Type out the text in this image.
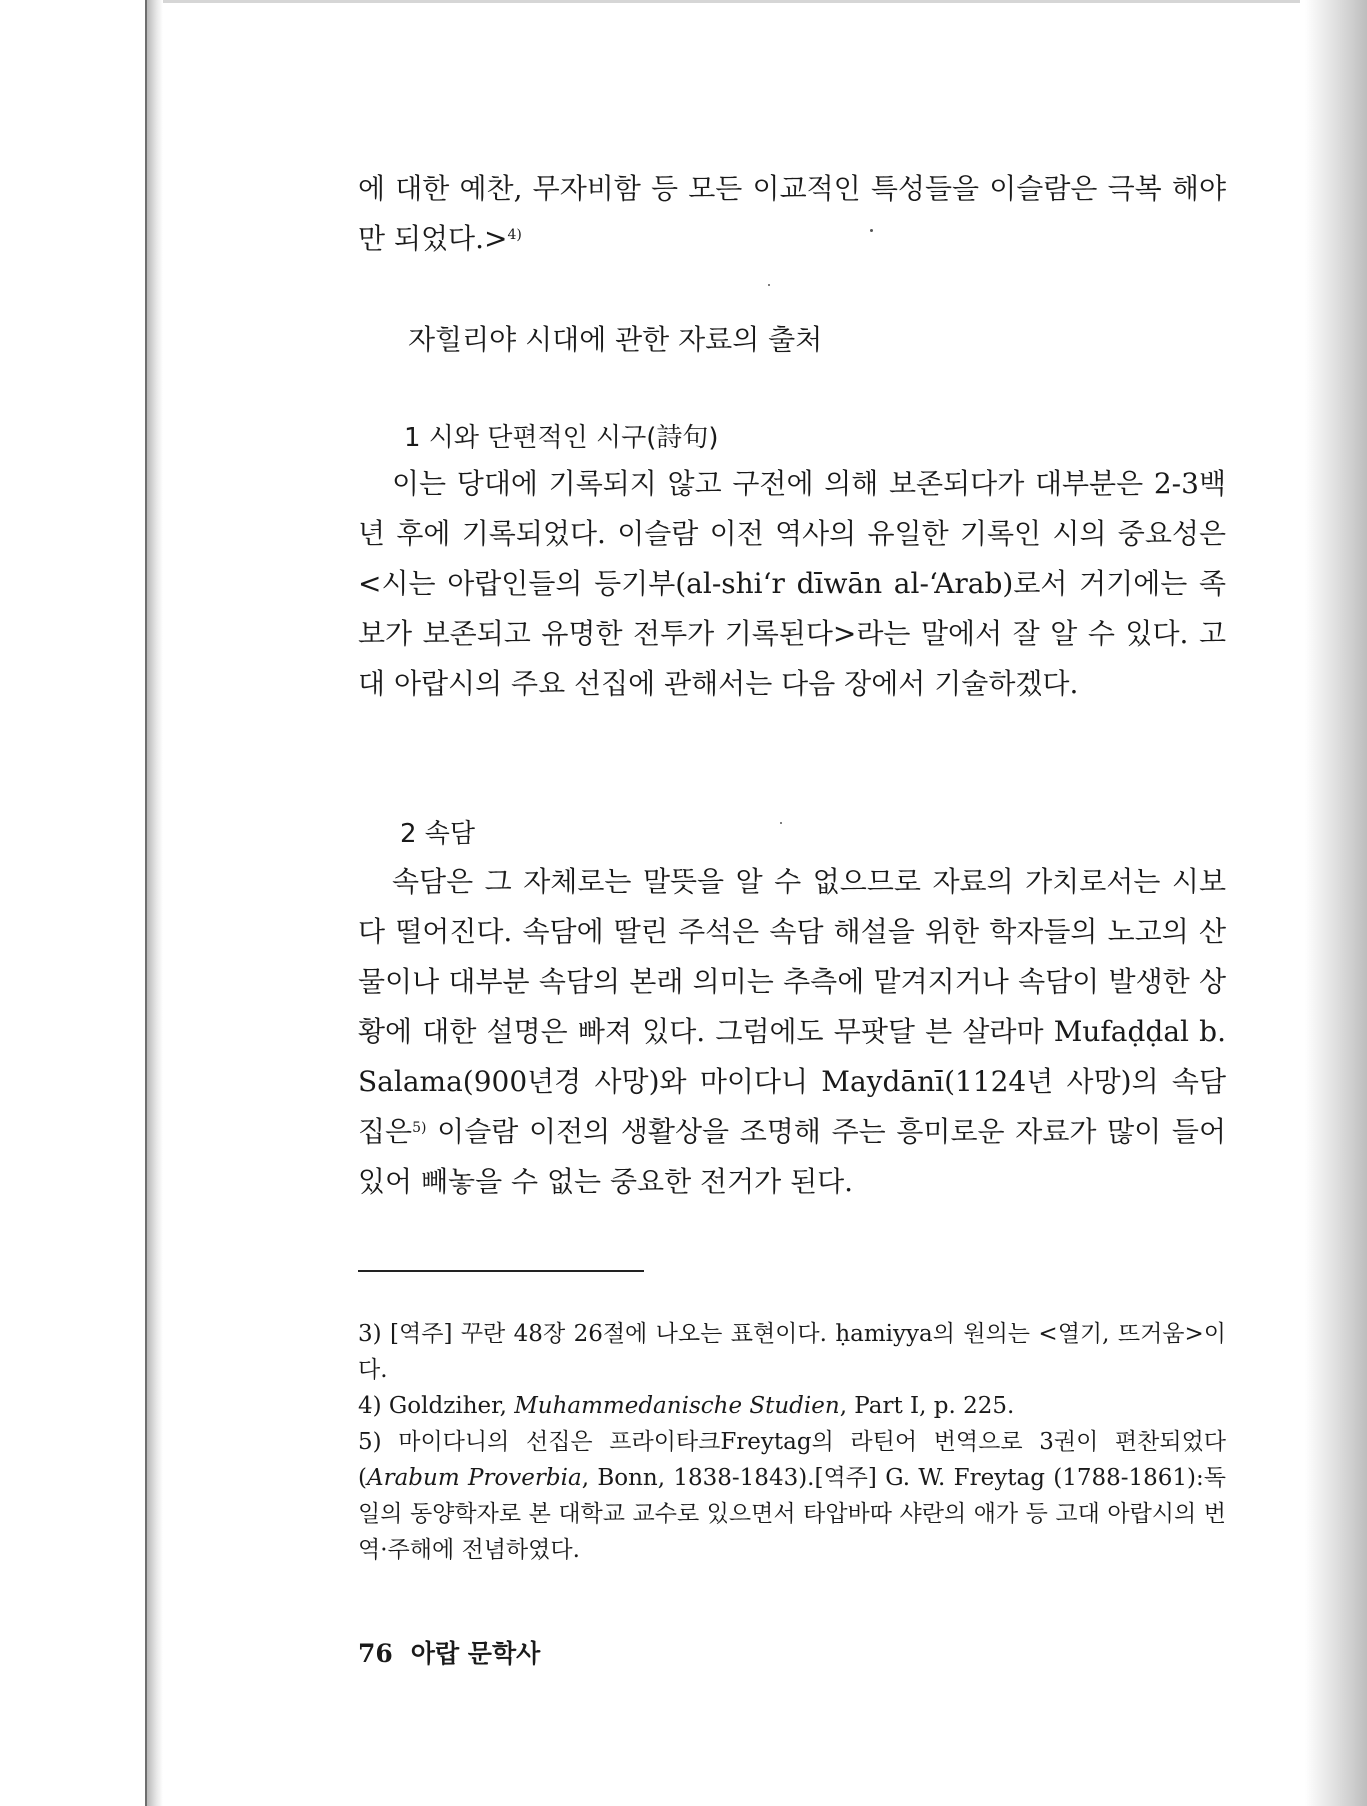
에 대한 예찬, 무자비함 등 모든 이교적인 특성들을 이슬람은 극복 해야만 되었다.>$^{4)}$
자힐리야 시대에 관한 자료의 출처
1 시와 단편적인 시구(詩句)
이는 당대에 기록되지 않고 구전에 의해 보존되다가 대부분은 2-3백년 후에 기록되었다. 이슬람 이전 역사의 유일한 기록인 시의 중요성은 <시는 아랍인들의 등기부(al-shi‘r dīwān al-‘Arab)로서 거기에는 족보가 보존되고 유명한 전투가 기록된다>라는 말에서 잘 알 수 있다. 고대 아랍시의 주요 선집에 관해서는 다음 장에서 기술하겠다.
2 속담
속담은 그 자체로는 말뜻을 알 수 없으므로 자료의 가치로서는 시보다 떨어진다. 속담에 딸린 주석은 속담 해설을 위한 학자들의 노고의 산물이나 대부분 속담의 본래 의미는 추측에 맡겨지거나 속담이 발생한 상황에 대한 설명은 빠져 있다. 그럼에도 무팟달 븐 살라마 Mufaḍḍal b. Salama(900년경 사망)와 마이다니 Maydānī(1124년 사망)의 속담집은$^{5)}$ 이슬람 이전의 생활상을 조명해 주는 흥미로운 자료가 많이 들어 있어 빼놓을 수 없는 중요한 전거가 된다.
3) [역주] 꾸란 48장 26절에 나오는 표현이다. ḥamiyya의 원의는 <열기, 뜨거움>이다.
4) Goldziher, Muhammedanische Studien, Part Ⅰ, p. 225.
5) 마이다니의 선집은 프라이타크Freytag의 라틴어 번역으로 3권이 편찬되었다(Arabum Proverbia, Bonn, 1838-1843).[역주] G. W. Freytag (1788-1861):독일의 동양학자로 본 대학교 교수로 있으면서 타압바따 샤란의 애가 등 고대 아랍시의 번역·주해에 전념하였다.
76 아랍 문학사
